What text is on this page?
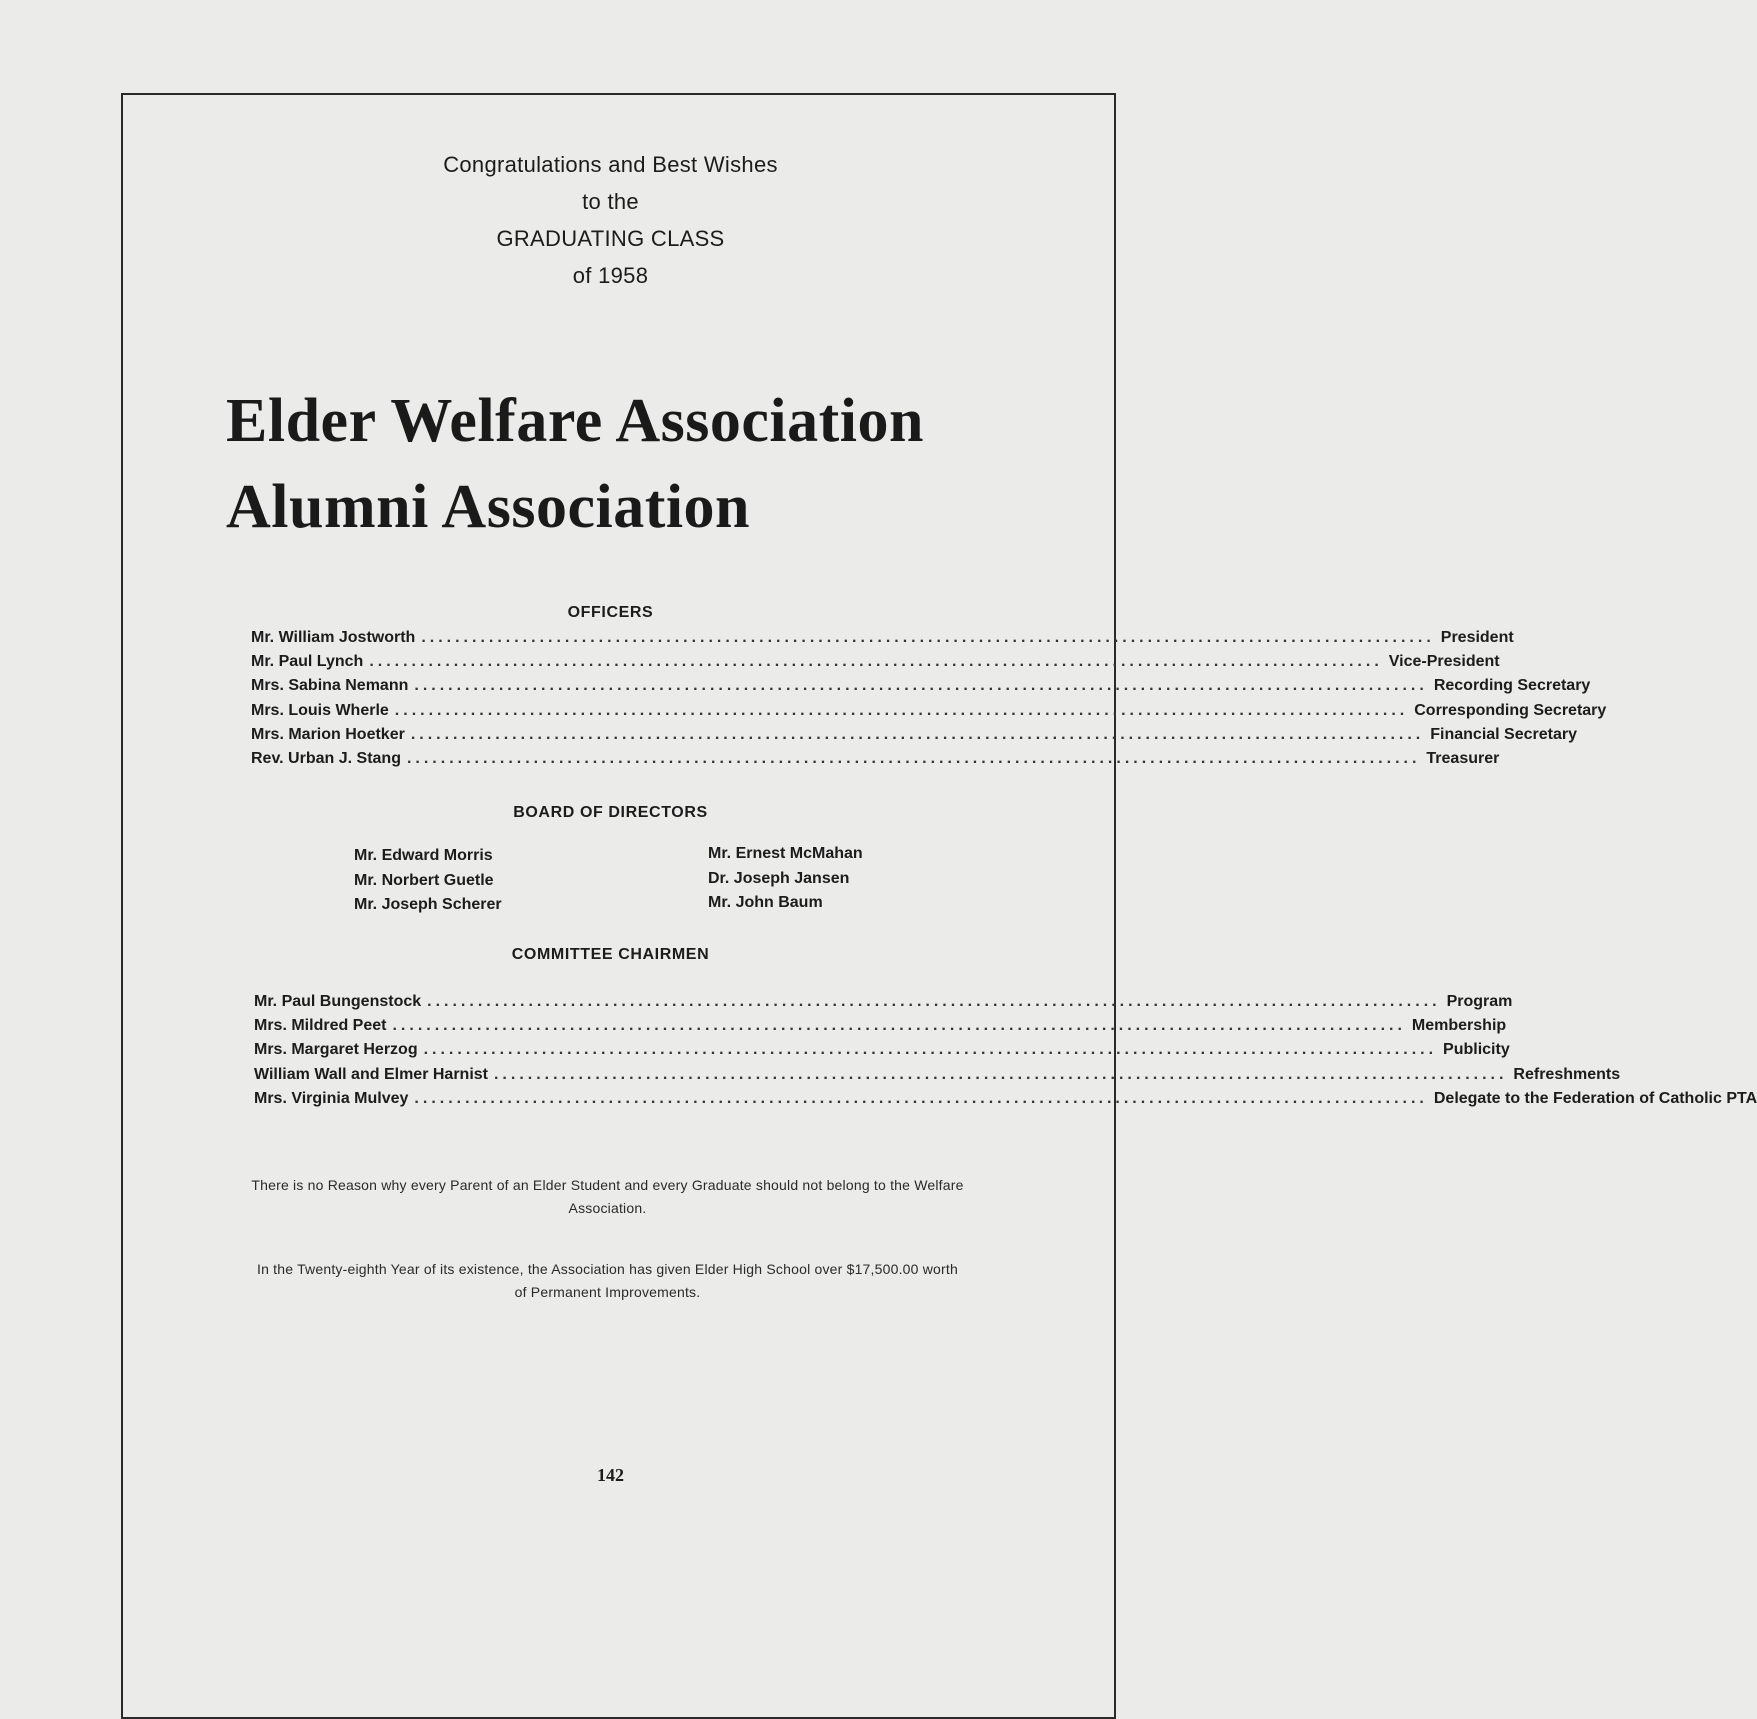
Congratulations and Best Wishes
to the
GRADUATING CLASS
of 1958
Elder Welfare Association
Alumni Association
OFFICERS
Mr. William Jostworth ........................................................................................................................ President
Mr. Paul Lynch ........................................................................................................................ Vice-President
Mrs. Sabina Nemann ........................................................................................................................ Recording Secretary
Mrs. Louis Wherle ........................................................................................................................ Corresponding Secretary
Mrs. Marion Hoetker ........................................................................................................................ Financial Secretary
Rev. Urban J. Stang ........................................................................................................................ Treasurer
BOARD OF DIRECTORS
Mr. Edward Morris
Mr. Norbert Guetle
Mr. Joseph Scherer
Mr. Ernest McMahan
Dr. Joseph Jansen
Mr. John Baum
COMMITTEE CHAIRMEN
Mr. Paul Bungenstock ........................................................................................................................ Program
Mrs. Mildred Peet ........................................................................................................................ Membership
Mrs. Margaret Herzog ........................................................................................................................ Publicity
William Wall and Elmer Harnist ........................................................................................................................ Refreshments
Mrs. Virginia Mulvey ........................................................................................................................ Delegate to the Federation of Catholic PTA
There is no Reason why every Parent of an Elder Student and every Graduate should not belong to the Welfare Association.
In the Twenty-eighth Year of its existence, the Association has given Elder High School over $17,500.00 worth of Permanent Improvements.
142
